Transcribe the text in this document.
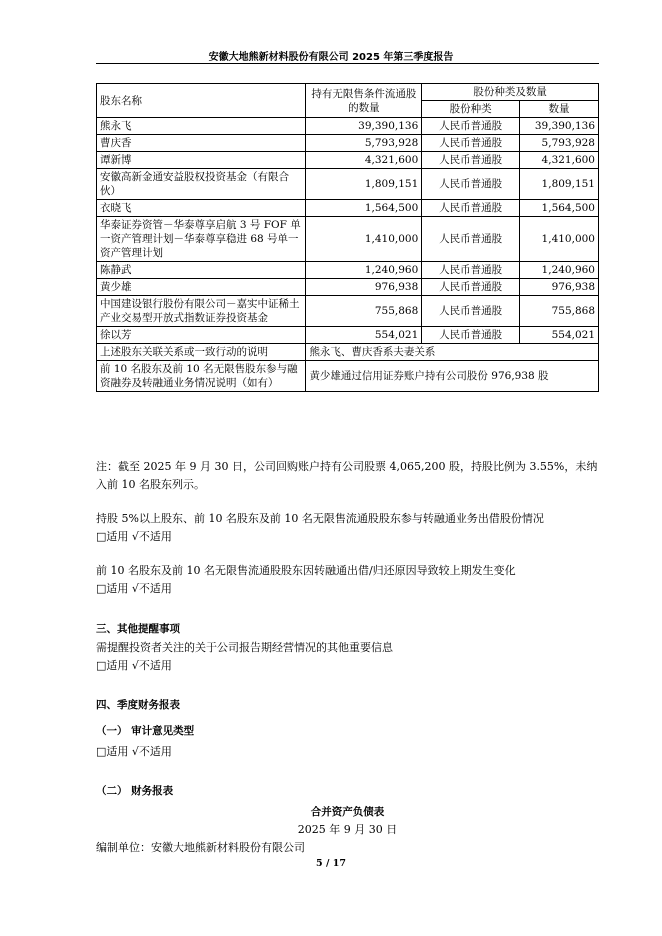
安徽大地熊新材料股份有限公司 2025 年第三季度报告
股东名称	持有无限售条件流通股的数量	股份种类及数量	
		股份种类	数量
熊永飞	39,390,136	人民币普通股	39,390,136
曹庆香	5,793,928	人民币普通股	5,793,928
谭新博	4,321,600	人民币普通股	4,321,600
安徽高新金通安益股权投资基金（有限合伙）	1,809,151	人民币普通股	1,809,151
衣晓飞	1,564,500	人民币普通股	1,564,500
华泰证券资管－华泰尊享启航 3 号 FOF 单一资产管理计划－华泰尊享稳进 68 号单一资产管理计划	1,410,000	人民币普通股	1,410,000
陈静武	1,240,960	人民币普通股	1,240,960
黄少雄	976,938	人民币普通股	976,938
中国建设银行股份有限公司－嘉实中证稀土产业交易型开放式指数证券投资基金	755,868	人民币普通股	755,868
徐以芳	554,021	人民币普通股	554,021
上述股东关联关系或一致行动的说明	熊永飞、曹庆香系夫妻关系		
前 10 名股东及前 10 名无限售股东参与融资融券及转融通业务情况说明（如有）	黄少雄通过信用证券账户持有公司股份 976,938 股		
注：截至 2025 年 9 月 30 日，公司回购账户持有公司股票 4,065,200 股，持股比例为 3.55%，未纳入前 10 名股东列示。
持股 5%以上股东、前 10 名股东及前 10 名无限售流通股股东参与转融通业务出借股份情况
□适用 √不适用
前 10 名股东及前 10 名无限售流通股股东因转融通出借/归还原因导致较上期发生变化
□适用 √不适用
三、其他提醒事项
需提醒投资者关注的关于公司报告期经营情况的其他重要信息
□适用 √不适用
四、季度财务报表
（一） 审计意见类型
□适用 √不适用
（二） 财务报表
合并资产负债表
2025 年 9 月 30 日
编制单位：安徽大地熊新材料股份有限公司
5 / 17
